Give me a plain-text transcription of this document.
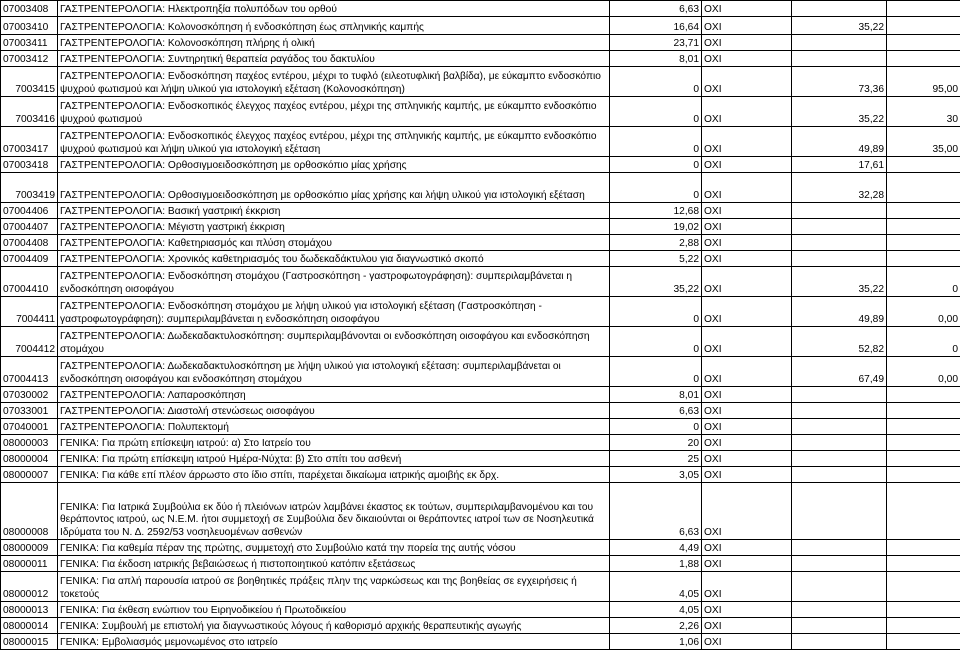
07003408	ΓΑΣΤΡΕΝΤΕΡΟΛΟΓΙΑ: Ηλεκτροπηξία πολυπόδων του ορθού	6,63	ΟΧΙ		
07003410	ΓΑΣΤΡΕΝΤΕΡΟΛΟΓΙΑ: Κολονοσκόπηση ή ενδοσκόπηση έως σπληνικής καμπής	16,64	ΟΧΙ	35,22	
07003411	ΓΑΣΤΡΕΝΤΕΡΟΛΟΓΙΑ: Κολονοσκόπηση πλήρης ή ολική	23,71	ΟΧΙ		
07003412	ΓΑΣΤΡΕΝΤΕΡΟΛΟΓΙΑ: Συντηρητική θεραπεία ραγάδος του δακτυλίου	8,01	ΟΧΙ		
7003415	ΓΑΣΤΡΕΝΤΕΡΟΛΟΓΙΑ: Ενδοσκόπηση παχέος εντέρου, μέχρι το τυφλό (ειλεοτυφλική βαλβίδα), με εύκαμπτο ενδοσκόπιο ψυχρού φωτισμού και λήψη υλικού για ιστολογική εξέταση (Κολονοσκόπηση)	0	ΟΧΙ	73,36	95,00
7003416	ΓΑΣΤΡΕΝΤΕΡΟΛΟΓΙΑ: Ενδοσκοπικός έλεγχος παχέος εντέρου, μέχρι της σπληνικής καμπής, με εύκαμπτο ενδοσκόπιο ψυχρού φωτισμού	0	ΟΧΙ	35,22	30
07003417	ΓΑΣΤΡΕΝΤΕΡΟΛΟΓΙΑ: Ενδοσκοπικός έλεγχος παχέος εντέρου, μέχρι της σπληνικής καμπής, με εύκαμπτο ενδοσκόπιο ψυχρού φωτισμού και λήψη υλικού για ιστολογική εξέταση	0	ΟΧΙ	49,89	35,00
07003418	ΓΑΣΤΡΕΝΤΕΡΟΛΟΓΙΑ: Ορθοσιγμοειδοσκόπηση με ορθοσκόπιο μίας χρήσης	0	ΟΧΙ	17,61	
7003419	ΓΑΣΤΡΕΝΤΕΡΟΛΟΓΙΑ: Ορθοσιγμοειδοσκόπηση με ορθοσκόπιο μίας χρήσης και λήψη υλικού για ιστολογική εξέταση	0	ΟΧΙ	32,28	
07004406	ΓΑΣΤΡΕΝΤΕΡΟΛΟΓΙΑ: Βασική γαστρική έκκριση	12,68	ΟΧΙ		
07004407	ΓΑΣΤΡΕΝΤΕΡΟΛΟΓΙΑ: Μέγιστη γαστρική έκκριση	19,02	ΟΧΙ		
07004408	ΓΑΣΤΡΕΝΤΕΡΟΛΟΓΙΑ: Καθετηριασμός και πλύση στομάχου	2,88	ΟΧΙ		
07004409	ΓΑΣΤΡΕΝΤΕΡΟΛΟΓΙΑ: Χρονικός καθετηριασμός του δωδεκαδάκτυλου για διαγνωστικό σκοπό	5,22	ΟΧΙ		
07004410	ΓΑΣΤΡΕΝΤΕΡΟΛΟΓΙΑ: Ενδοσκόπηση στομάχου (Γαστροσκόπηση - γαστροφωτογράφηση): συμπεριλαμβάνεται η ενδοσκόπηση οισοφάγου	35,22	ΟΧΙ	35,22	0
7004411	ΓΑΣΤΡΕΝΤΕΡΟΛΟΓΙΑ: Ενδοσκόπηση στομάχου με λήψη υλικού για ιστολογική εξέταση (Γαστροσκόπηση - γαστροφωτογράφηση): συμπεριλαμβάνεται η ενδοσκόπηση οισοφάγου	0	ΟΧΙ	49,89	0,00
7004412	ΓΑΣΤΡΕΝΤΕΡΟΛΟΓΙΑ: Δωδεκαδακτυλοσκόπηση: συμπεριλαμβάνονται οι ενδοσκόπηση οισοφάγου και ενδοσκόπηση στομάχου	0	ΟΧΙ	52,82	0
07004413	ΓΑΣΤΡΕΝΤΕΡΟΛΟΓΙΑ: Δωδεκαδακτυλοσκόπηση με λήψη υλικού για ιστολογική εξέταση: συμπεριλαμβάνεται οι ενδοσκόπηση οισοφάγου και ενδοσκόπηση στομάχου	0	ΟΧΙ	67,49	0,00
07030002	ΓΑΣΤΡΕΝΤΕΡΟΛΟΓΙΑ: Λαπαροσκόπηση	8,01	ΟΧΙ		
07033001	ΓΑΣΤΡΕΝΤΕΡΟΛΟΓΙΑ: Διαστολή στενώσεως οισοφάγου	6,63	ΟΧΙ		
07040001	ΓΑΣΤΡΕΝΤΕΡΟΛΟΓΙΑ: Πολυπεκτομή	0	ΟΧΙ		
08000003	ΓΕΝΙΚΑ: Για πρώτη επίσκεψη ιατρού: α) Στο Ιατρείο του	20	ΟΧΙ		
08000004	ΓΕΝΙΚΑ: Για πρώτη επίσκεψη ιατρού Ημέρα-Νύχτα: β) Στο σπίτι του ασθενή	25	ΟΧΙ		
08000007	ΓΕΝΙΚΑ: Για κάθε επί πλέον άρρωστο στο ίδιο σπίτι, παρέχεται δικαίωμα ιατρικής αμοιβής εκ δρχ.	3,05	ΟΧΙ		
08000008	ΓΕΝΙΚΑ: Για Ιατρικά Συμβούλια εκ δύο ή πλειόνων ιατρών λαμβάνει έκαστος εκ τούτων, συμπεριλαμβανομένου και του θεράποντος ιατρού, ως Ν.Ε.Μ. ήτοι συμμετοχή σε Συμβούλια δεν δικαιούνται οι θεράποντες ιατροί των σε Νοσηλευτικά Ιδρύματα του Ν. Δ. 2592/53 νοσηλευομένων ασθενών	6,63	ΟΧΙ		
08000009	ΓΕΝΙΚΑ: Για καθεμία πέραν της πρώτης, συμμετοχή στο Συμβούλιο κατά την πορεία της αυτής νόσου	4,49	ΟΧΙ		
08000011	ΓΕΝΙΚΑ: Για έκδοση ιατρικής βεβαιώσεως ή πιστοποιητικού κατόπιν εξετάσεως	1,88	ΟΧΙ		
08000012	ΓΕΝΙΚΑ: Για απλή παρουσία ιατρού σε βοηθητικές πράξεις πλην της ναρκώσεως και της βοηθείας σε εγχειρήσεις ή τοκετούς	4,05	ΟΧΙ		
08000013	ΓΕΝΙΚΑ: Για έκθεση ενώπιον του Ειρηνοδικείου ή Πρωτοδικείου	4,05	ΟΧΙ		
08000014	ΓΕΝΙΚΑ: Συμβουλή με επιστολή για διαγνωστικούς λόγους ή καθορισμό αρχικής θεραπευτικής αγωγής	2,26	ΟΧΙ		
08000015	ΓΕΝΙΚΑ: Εμβολιασμός μεμονωμένος στο ιατρείο	1,06	ΟΧΙ		
